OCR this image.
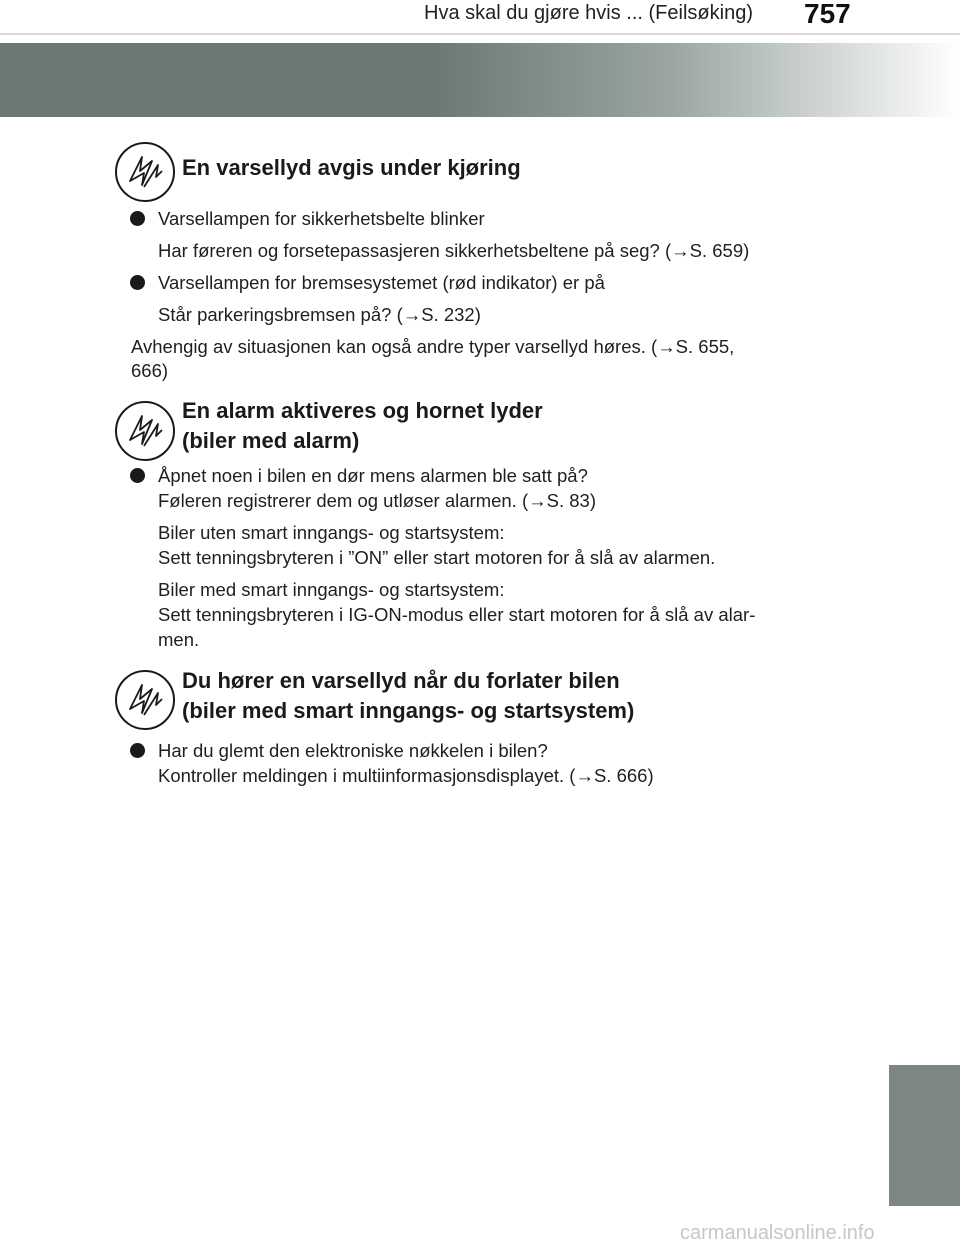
Hva skal du gjøre hvis ... (Feilsøking)	757
En varsellyd avgis under kjøring
Varsellampen for sikkerhetsbelte blinker
Har føreren og forsetepassasjeren sikkerhetsbeltene på seg? (→S. 659)
Varsellampen for bremsesystemet (rød indikator) er på
Står parkeringsbremsen på? (→S. 232)
Avhengig av situasjonen kan også andre typer varsellyd høres. (→S. 655,
666)
En alarm aktiveres og hornet lyder
(biler med alarm)
Åpnet noen i bilen en dør mens alarmen ble satt på?
Føleren registrerer dem og utløser alarmen. (→S. 83)
Biler uten smart inngangs- og startsystem:
Sett tenningsbryteren i ”ON” eller start motoren for å slå av alarmen.
Biler med smart inngangs- og startsystem:
Sett tenningsbryteren i IG-ON-modus eller start motoren for å slå av alar-
men.
Du hører en varsellyd når du forlater bilen
(biler med smart inngangs- og startsystem)
Har du glemt den elektroniske nøkkelen i bilen?
Kontroller meldingen i multiinformasjonsdisplayet. (→S. 666)
carmanualsonline.info
